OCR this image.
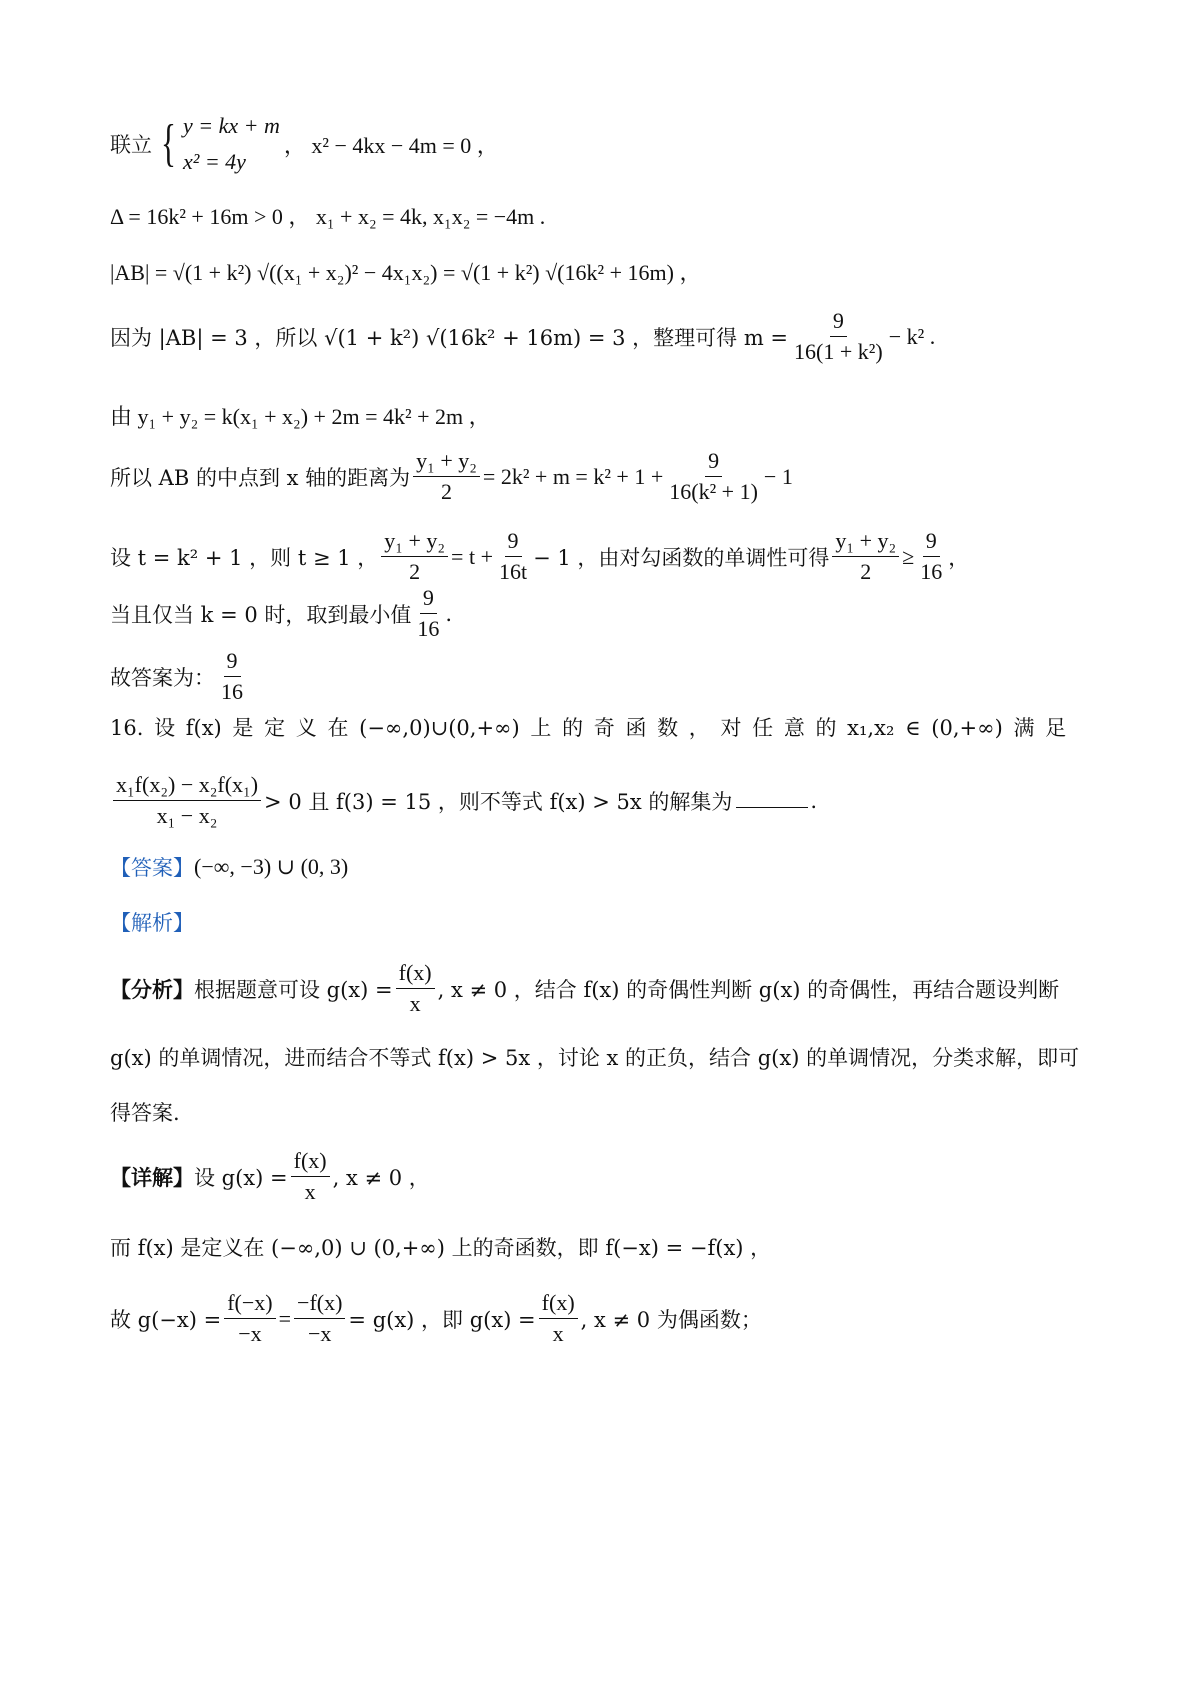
联立 { y = kx + m
x² = 4y
， x² − 4kx − 4m = 0 ，
Δ = 16k² + 16m > 0 ， x₁ + x₂ = 4k, x₁x₂ = −4m .
|AB| = √(1 + k²) √((x₁ + x₂)² − 4x₁x₂) = √(1 + k²) √(16k² + 16m) ，
因为 |AB| = 3 ，所以 √(1 + k²) √(16k² + 16m) = 3 ，整理可得 $m = \frac{9}{\text{16(1 + k²)}} - k^2$ .
由 y₁ + y₂ = k(x₁ + x₂) + 2m = 4k² + 2m ，
所以 AB 的中点到 x 轴的距离为 $\frac{\text{y₁ + y₂}}{2} = 2k^2 + m = k^2 + 1 + \frac{9}{\text{16(k² + 1)}} - 1$
设 t = k² + 1 ，则 t ≥ 1 ， $\frac{\text{y₁ + y₂}}{2} = t + \frac{9}{16t} - 1$ ，由对勾函数的单调性可得 $\frac{\text{y₁ + y₂}}{2} \ge \frac{9}{16}$ ，
当且仅当 k = 0 时，取到最小值 $\frac{9}{16}$ .
故答案为： $\frac{9}{16}$
16. 设 f(x) 是 定 义 在 (−∞,0)∪(0,+∞) 上 的 奇 函 数 ， 对 任 意 的 x₁,x₂ ∈ (0,+∞) 满 足
$\frac{\text{x₁f(x₂) − x₂f(x₁)}}{\text{x₁ − x₂}} > 0$ 且 f(3) = 15 ，则不等式 f(x) > 5x 的解集为	.
【答案】 (−∞, −3) ∪ (0, 3)
【解析】
【分析】 根据题意可设 $g(x) = \frac{f(x)}{x}$ , x ≠ 0 ，结合 f(x) 的奇偶性判断 g(x) 的奇偶性，再结合题设判断
g(x) 的单调情况，进而结合不等式 f(x) > 5x ，讨论 x 的正负，结合 g(x) 的单调情况，分类求解，即可
得答案.
【详解】 设 $g(x) = \frac{f(x)}{x}$ , x ≠ 0 ，
而 f(x) 是定义在 (−∞,0) ∪ (0,+∞) 上的奇函数，即 f(−x) = −f(x) ，
故 $g(-x) = \frac{f(-x)}{-x} = \frac{-f(x)}{-x} = g(x)$ ，即 $g(x) = \frac{f(x)}{x}$ , x ≠ 0 为偶函数；
